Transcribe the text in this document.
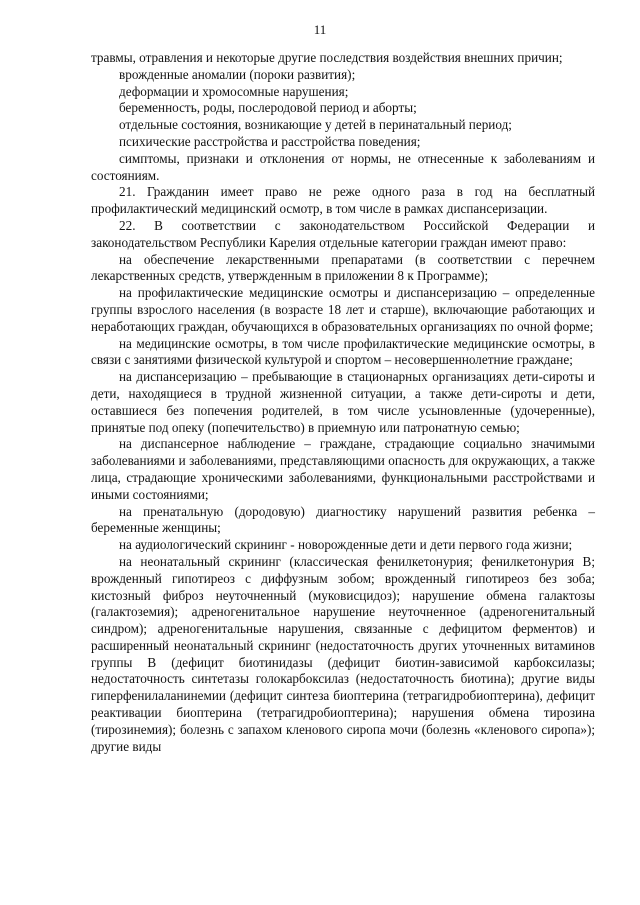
11

травмы, отравления и некоторые другие последствия воздействия внешних причин;

врожденные аномалии (пороки развития);

деформации и хромосомные нарушения;

беременность, роды, послеродовой период и аборты;

отдельные состояния, возникающие у детей в перинатальный период;

психические расстройства и расстройства поведения;

симптомы, признаки и отклонения от нормы, не отнесенные к заболеваниям и состояниям.

21. Гражданин имеет право не реже одного раза в год на бесплатный профилактический медицинский осмотр, в том числе в рамках диспансеризации.

22. В соответствии с законодательством Российской Федерации и законодательством Республики Карелия отдельные категории граждан имеют право:

на обеспечение лекарственными препаратами (в соответствии с перечнем лекарственных средств, утвержденным в приложении 8 к Программе);

на профилактические медицинские осмотры и диспансеризацию – определенные группы взрослого населения (в возрасте 18 лет и старше), включающие работающих и неработающих граждан, обучающихся в образовательных организациях по очной форме;

на медицинские осмотры, в том числе профилактические медицинские осмотры, в связи с занятиями физической культурой и спортом – несовершеннолетние граждане;

на диспансеризацию – пребывающие в стационарных организациях дети-сироты и дети, находящиеся в трудной жизненной ситуации, а также дети-сироты и дети, оставшиеся без попечения родителей, в том числе усыновленные (удочеренные), принятые под опеку (попечительство) в приемную или патронатную семью;

на диспансерное наблюдение – граждане, страдающие социально значимыми заболеваниями и заболеваниями, представляющими опасность для окружающих, а также лица, страдающие хроническими заболеваниями, функциональными расстройствами и иными состояниями;

на пренатальную (дородовую) диагностику нарушений развития ребенка – беременные женщины;

на аудиологический скрининг - новорожденные дети и дети первого года жизни;

на неонатальный скрининг (классическая фенилкетонурия; фенилкетонурия B; врожденный гипотиреоз с диффузным зобом; врожденный гипотиреоз без зоба; кистозный фиброз неуточненный (муковисцидоз); нарушение обмена галактозы (галактоземия); адреногенитальное нарушение неуточненное (адреногенитальный синдром); адреногенитальные нарушения, связанные с дефицитом ферментов) и расширенный неонатальный скрининг (недостаточность других уточненных витаминов группы B (дефицит биотинидазы (дефицит биотин-зависимой карбоксилазы; недостаточность синтетазы голокарбоксилаз (недостаточность биотина); другие виды гиперфенилаланинемии (дефицит синтеза биоптерина (тетрагидробиоптерина), дефицит реактивации биоптерина (тетрагидробиоптерина); нарушения обмена тирозина (тирозинемия); болезнь с запахом кленового сиропа мочи (болезнь «кленового сиропа»); другие виды
